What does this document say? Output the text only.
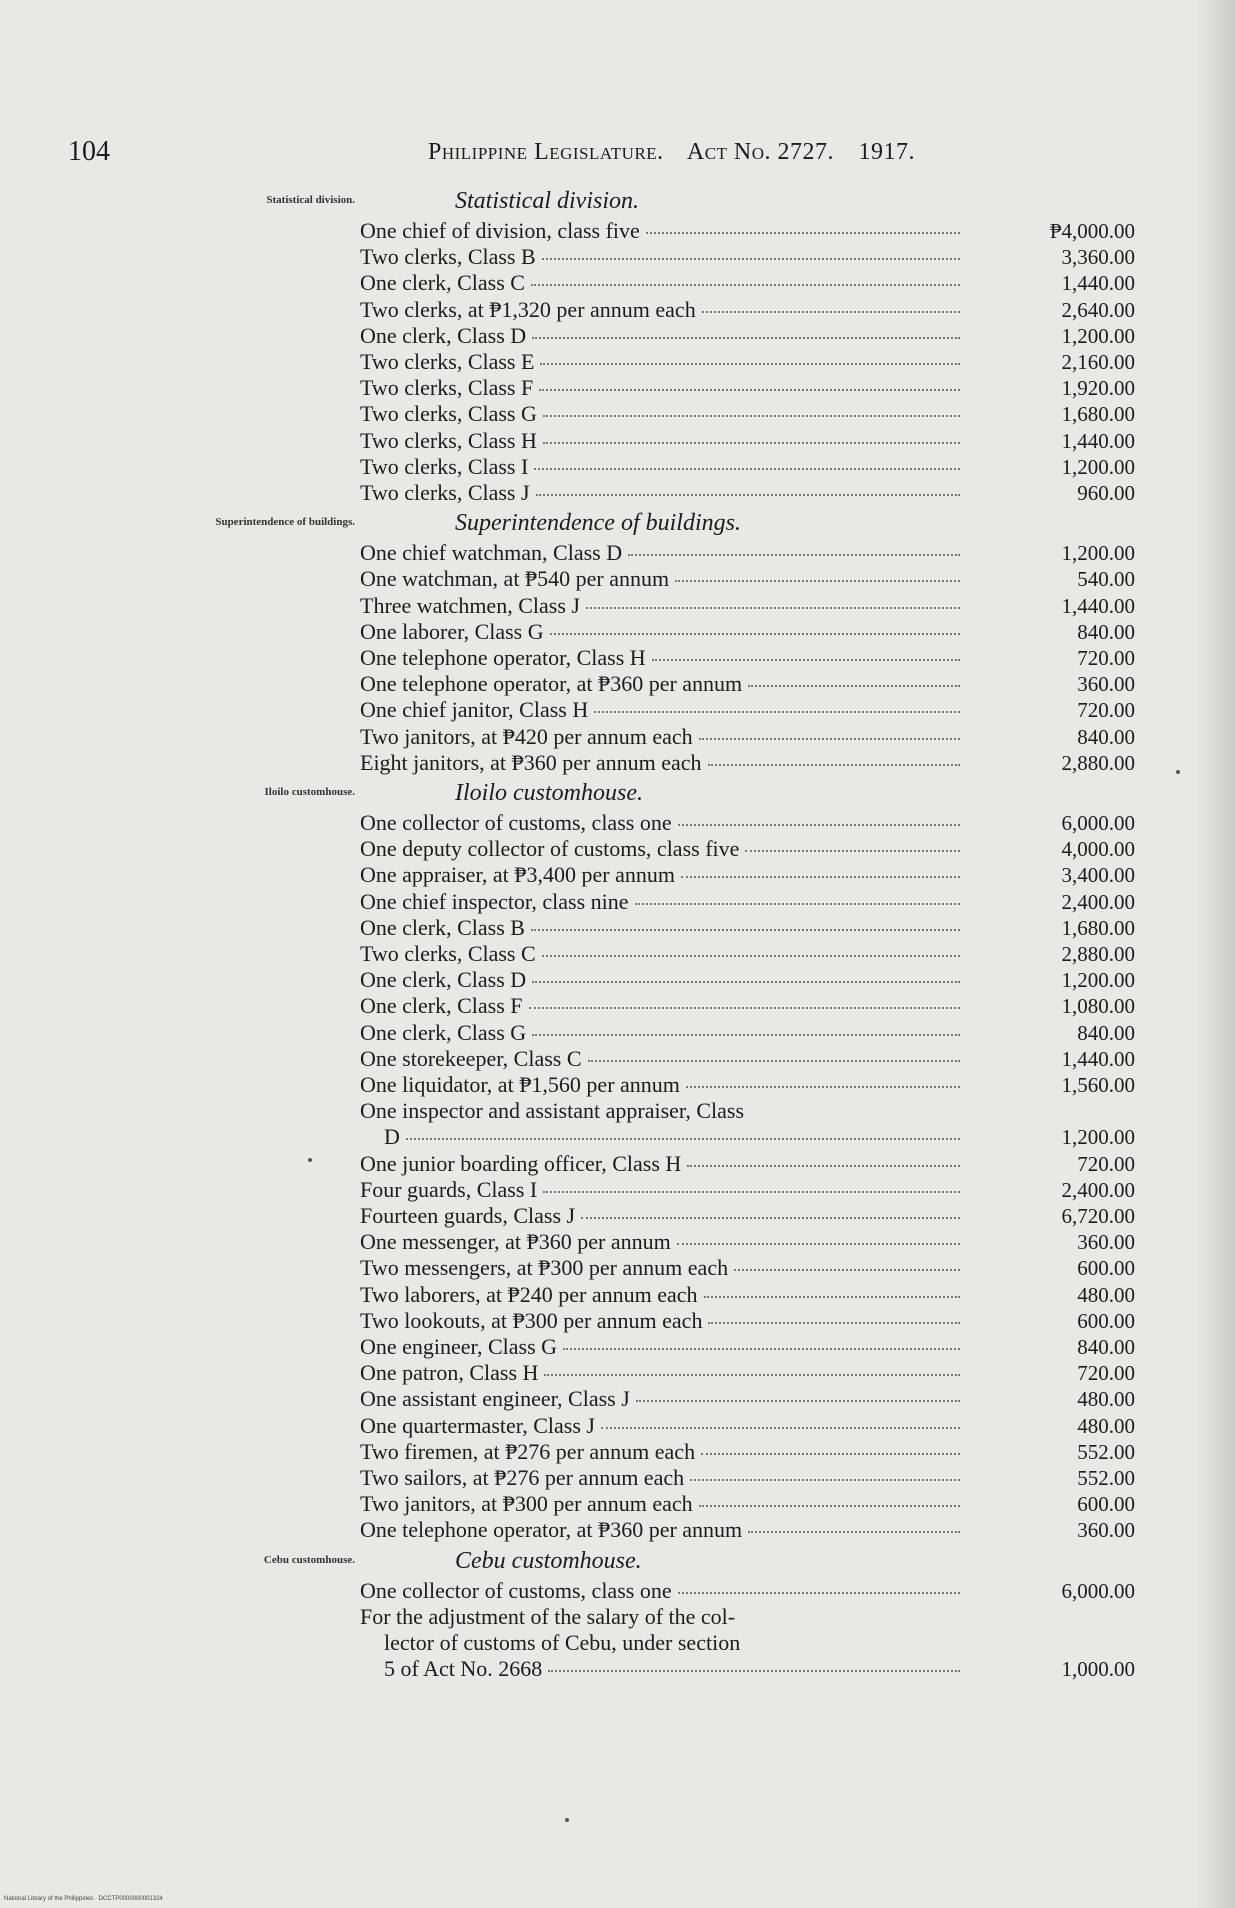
104	Philippine Legislature. Act No. 2727. 1917.
Statistical division.	Statistical division.
One chief of division, class five	₱4,000.00
Two clerks, Class B	3,360.00
One clerk, Class C	1,440.00
Two clerks, at ₱1,320 per annum each	2,640.00
One clerk, Class D	1,200.00
Two clerks, Class E	2,160.00
Two clerks, Class F	1,920.00
Two clerks, Class G	1,680.00
Two clerks, Class H	1,440.00
Two clerks, Class I	1,200.00
Two clerks, Class J	960.00
Superintendence of buildings.	Superintendence of buildings.
One chief watchman, Class D	1,200.00
One watchman, at ₱540 per annum	540.00
Three watchmen, Class J	1,440.00
One laborer, Class G	840.00
One telephone operator, Class H	720.00
One telephone operator, at ₱360 per annum	360.00
One chief janitor, Class H	720.00
Two janitors, at ₱420 per annum each	840.00
Eight janitors, at ₱360 per annum each	2,880.00
Iloilo customhouse.	Iloilo customhouse.
One collector of customs, class one	6,000.00
One deputy collector of customs, class five	4,000.00
One appraiser, at ₱3,400 per annum	3,400.00
One chief inspector, class nine	2,400.00
One clerk, Class B	1,680.00
Two clerks, Class C	2,880.00
One clerk, Class D	1,200.00
One clerk, Class F	1,080.00
One clerk, Class G	840.00
One storekeeper, Class C	1,440.00
One liquidator, at ₱1,560 per annum	1,560.00
One inspector and assistant appraiser, Class
D	1,200.00
One junior boarding officer, Class H	720.00
Four guards, Class I	2,400.00
Fourteen guards, Class J	6,720.00
One messenger, at ₱360 per annum	360.00
Two messengers, at ₱300 per annum each	600.00
Two laborers, at ₱240 per annum each	480.00
Two lookouts, at ₱300 per annum each	600.00
One engineer, Class G	840.00
One patron, Class H	720.00
One assistant engineer, Class J	480.00
One quartermaster, Class J	480.00
Two firemen, at ₱276 per annum each	552.00
Two sailors, at ₱276 per annum each	552.00
Two janitors, at ₱300 per annum each	600.00
One telephone operator, at ₱360 per annum	360.00
Cebu customhouse.	Cebu customhouse.
One collector of customs, class one	6,000.00
For the adjustment of the salary of the col-
lector of customs of Cebu, under section
5 of Act No. 2668	1,000.00
National Library of the Philippines · DCCTP0000000001324
